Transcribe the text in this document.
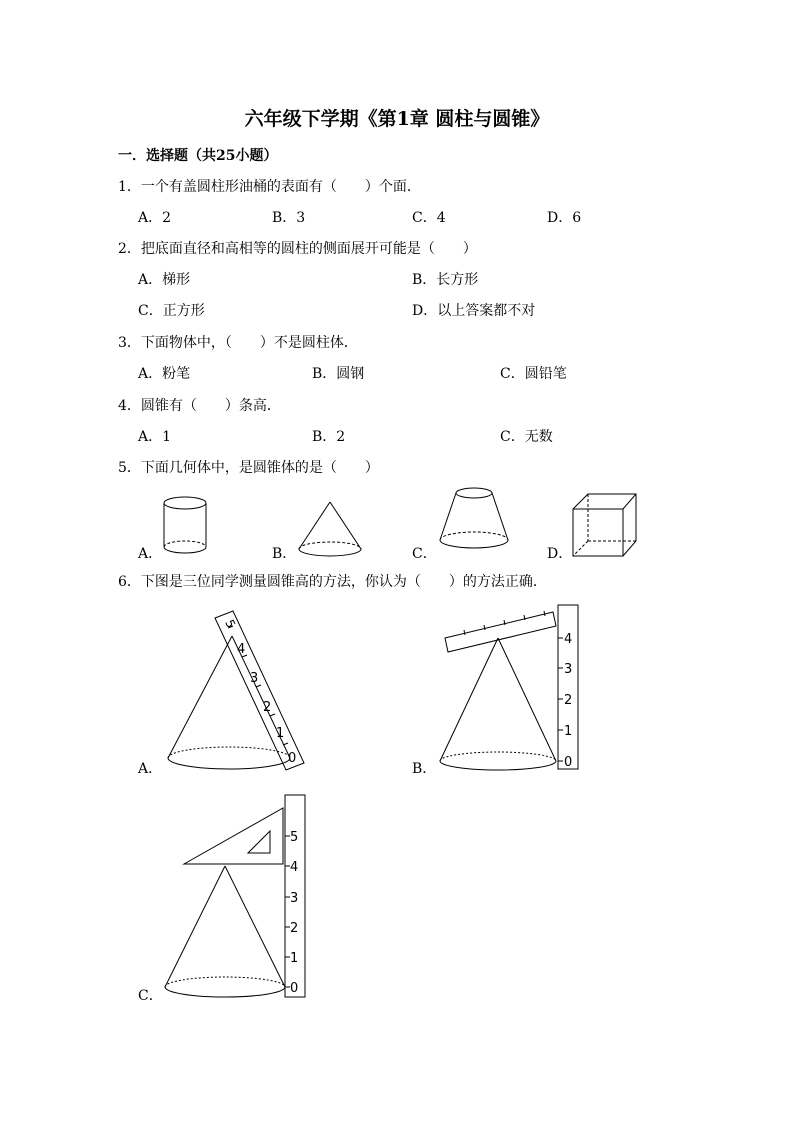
六年级下学期《第1章 圆柱与圆锥》
一．选择题（共25小题）
1．一个有盖圆柱形油桶的表面有（　　）个面．
A．2	B．3	C．4	D．6
2．把底面直径和高相等的圆柱的侧面展开可能是（　　）
A．梯形	B．长方形
C．正方形	D．以上答案都不对
3．下面物体中，（　　）不是圆柱体．
A．粉笔	B．圆钢	C．圆铅笔
4．圆锥有（　　）条高．
A．1	B．2	C．无数
5．下面几何体中，是圆锥体的是（　　）
A．	B．	C．	D．
6．下图是三位同学测量圆锥高的方法，你认为（　　）的方法正确．
A．	B．
C．
5
4
3
2
1
0
4
3
2
1
0
5
4
3
2
1
0
